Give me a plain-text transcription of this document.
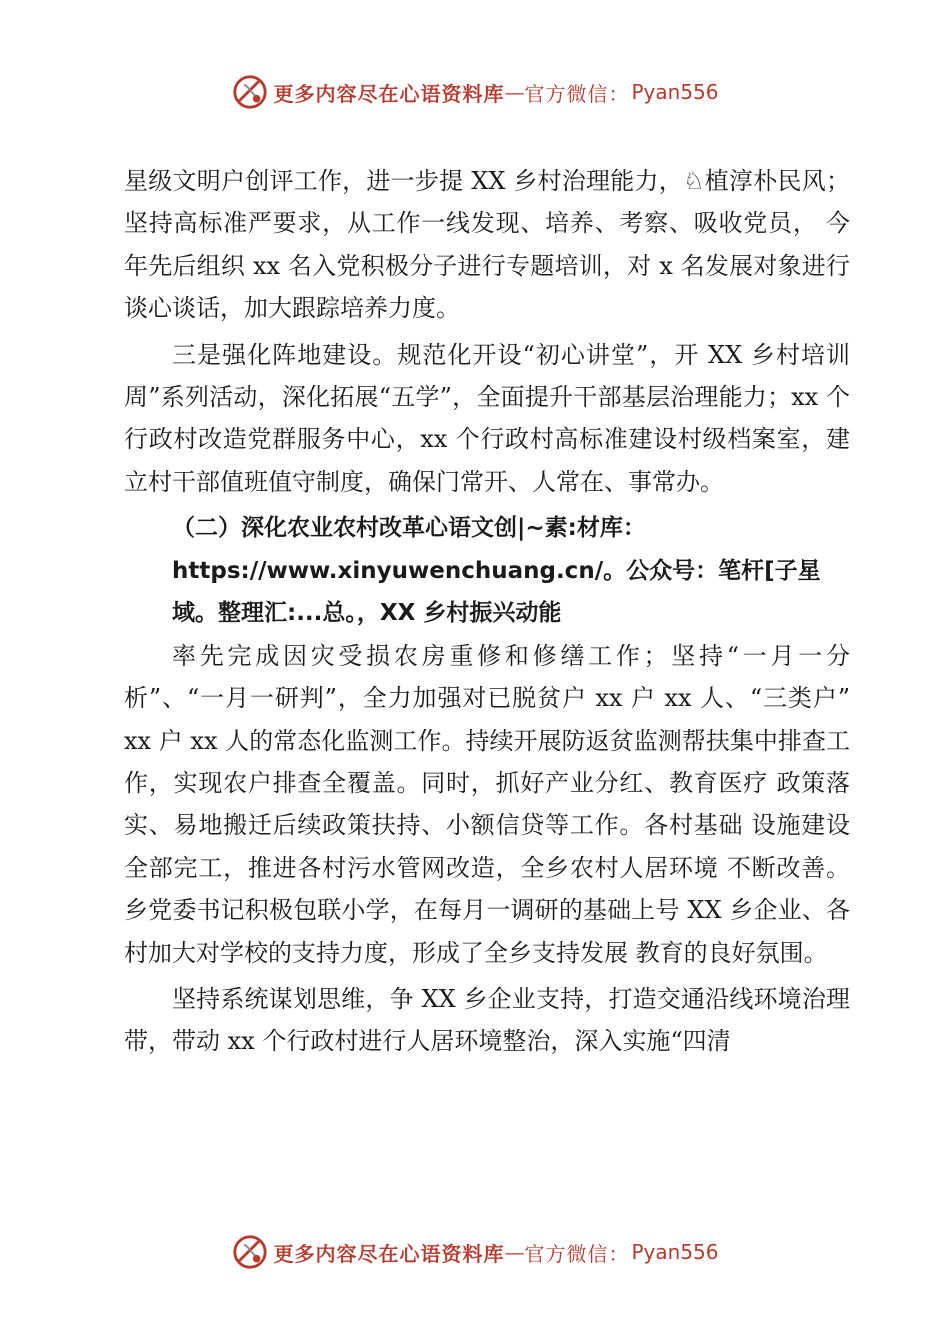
更多内容尽在心语资料库 — 官方微信： Pyan556

星级文明户创评工作，进一步提 XX 乡村治理能力，♘植淳朴民风；坚持高标准严要求，从工作一线发现、培养、考察、吸收党员， 今年先后组织 xx 名入党积极分子进行专题培训，对 x 名发展对象进行谈心谈话，加大跟踪培养力度。

三是强化阵地建设。规范化开设“初心讲堂”，开 XX 乡村培训周”系列活动，深化拓展“五学”，全面提升干部基层治理能力；xx 个行政村改造党群服务中心，xx 个行政村高标准建设村级档案室，建立村干部值班值守制度，确保门常开、人常在、事常办。

（二）深化农业农村改革心语文创|~素:材库：https://www.xinyuwenchuang.cn/。公众号：笔杆[子星域。整理汇:...总。，XX 乡村振兴动能

率先完成因灾受损农房重修和修缮工作；坚持“一月一分析”、“一月一研判”，全力加强对已脱贫户 xx 户 xx 人、“三类户” xx 户 xx 人的常态化监测工作。持续开展防返贫监测帮扶集中排查工作，实现农户排查全覆盖。同时，抓好产业分红、教育医疗 政策落实、易地搬迁后续政策扶持、小额信贷等工作。各村基础 设施建设全部完工，推进各村污水管网改造，全乡农村人居环境 不断改善。乡党委书记积极包联小学，在每月一调研的基础上号 XX 乡企业、各村加大对学校的支持力度，形成了全乡支持发展 教育的良好氛围。

坚持系统谋划思维，争 XX 乡企业支持，打造交通沿线环境治理带，带动 xx 个行政村进行人居环境整治，深入实施“四清

更多内容尽在心语资料库 — 官方微信： Pyan556
